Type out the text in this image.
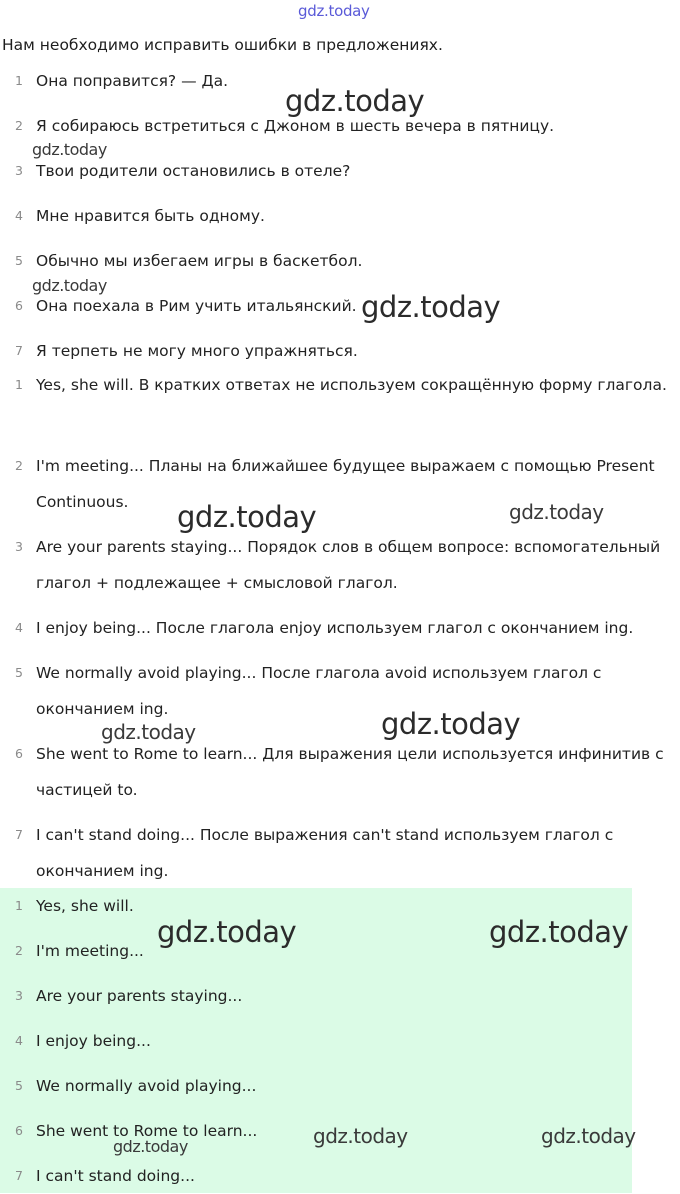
gdz.today
Нам необходимо исправить ошибки в предложениях.
1 Она поправится? — Да.
2 Я собираюсь встретиться с Джоном в шесть вечера в пятницу.
3 Твои родители остановились в отеле?
4 Мне нравится быть одному.
5 Обычно мы избегаем игры в баскетбол.
6 Она поехала в Рим учить итальянский.
7 Я терпеть не могу много упражняться.
1 Yes, she will. В кратких ответах не используем сокращённую форму глагола.
2 I'm meeting... Планы на ближайшее будущее выражаем с помощью Present Continuous.
3 Are your parents staying... Порядок слов в общем вопросе: вспомогательный глагол + подлежащее + смысловой глагол.
4 I enjoy being... После глагола enjoy используем глагол с окончанием ing.
5 We normally avoid playing... После глагола avoid используем глагол с окончанием ing.
6 She went to Rome to learn... Для выражения цели используется инфинитив с частицей to.
7 I can't stand doing... После выражения can't stand используем глагол с окончанием ing.
1 Yes, she will.
2 I'm meeting...
3 Are your parents staying...
4 I enjoy being...
5 We normally avoid playing...
6 She went to Rome to learn...
7 I can't stand doing...
gdz.today
gdz.today
gdz.today
gdz.today
gdz.today	gdz.today
gdz.today	gdz.today
gdz.today	gdz.today
gdz.today	gdz.today
gdz.today
